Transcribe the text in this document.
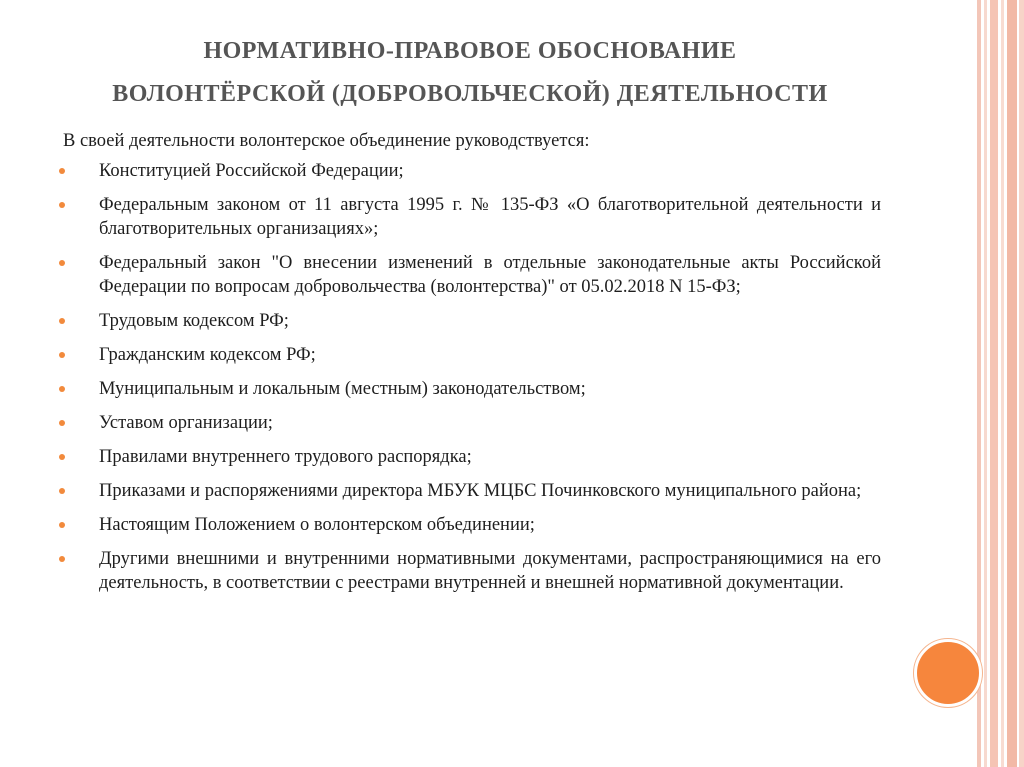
НОРМАТИВНО-ПРАВОВОЕ ОБОСНОВАНИЕ
ВОЛОНТЁРСКОЙ (ДОБРОВОЛЬЧЕСКОЙ) ДЕЯТЕЛЬНОСТИ

В своей деятельности волонтерское объединение руководствуется:

Конституцией Российской Федерации;
Федеральным законом от 11 августа 1995 г. № 135-ФЗ «О благотворительной деятельности и благотворительных организациях»;
Федеральный закон "О внесении изменений в отдельные законодательные акты Российской Федерации по вопросам добровольчества (волонтерства)" от 05.02.2018 N 15-ФЗ;
Трудовым кодексом РФ;
Гражданским кодексом РФ;
Муниципальным и локальным (местным) законодательством;
Уставом организации;
Правилами внутреннего трудового распорядка;
Приказами и распоряжениями директора МБУК МЦБС Починковского муниципального района;
Настоящим Положением о волонтерском объединении;
Другими внешними и внутренними нормативными документами, распространяющимися на его деятельность, в соответствии с реестрами внутренней и внешней нормативной документации.
